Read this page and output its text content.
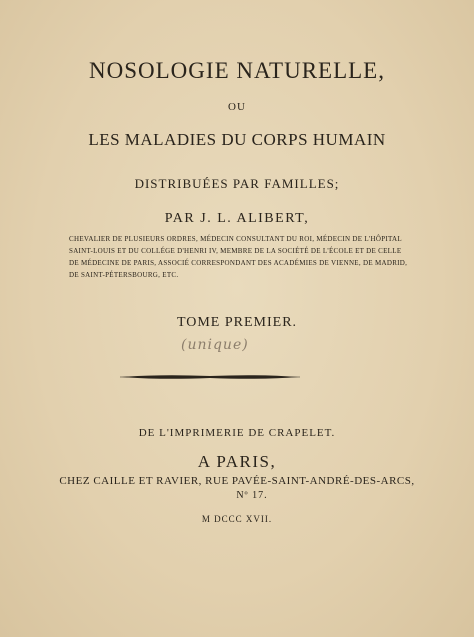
NOSOLOGIE NATURELLE,
OU
LES MALADIES DU CORPS HUMAIN
DISTRIBUÉES PAR FAMILLES;
PAR J. L. ALIBERT,
CHEVALIER DE PLUSIEURS ORDRES, MÉDECIN CONSULTANT DU ROI, MÉDECIN DE L'HÔPITAL
SAINT-LOUIS ET DU COLLÉGE D'HENRI IV, MEMBRE DE LA SOCIÉTÉ DE L'ÉCOLE ET DE CELLE
DE MÉDECINE DE PARIS, ASSOCIÉ CORRESPONDANT DES ACADÉMIES DE VIENNE, DE MADRID,
DE SAINT-PÉTERSBOURG, ETC.
TOME PREMIER.
(unique)
DE L'IMPRIMERIE DE CRAPELET.
A PARIS,
CHEZ CAILLE ET RAVIER, RUE PAVÉE-SAINT-ANDRÉ-DES-ARCS,
Nº 17.
M DCCC XVII.
